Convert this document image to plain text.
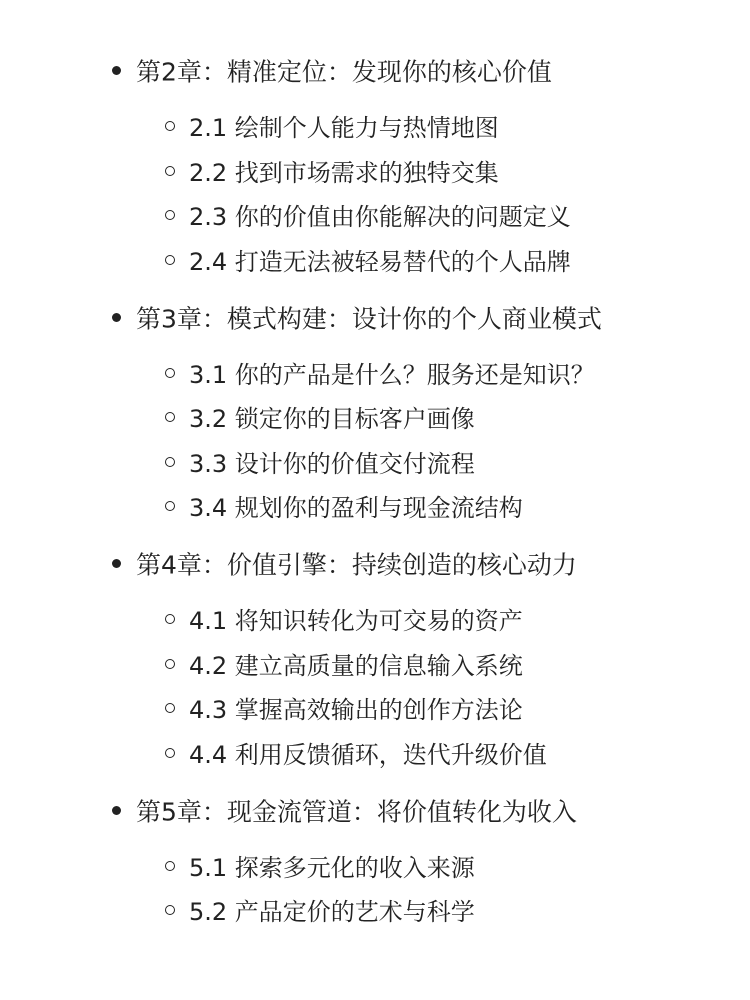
第2章：精准定位：发现你的核心价值
2.1 绘制个人能力与热情地图
2.2 找到市场需求的独特交集
2.3 你的价值由你能解决的问题定义
2.4 打造无法被轻易替代的个人品牌
第3章：模式构建：设计你的个人商业模式
3.1 你的产品是什么？服务还是知识？
3.2 锁定你的目标客户画像
3.3 设计你的价值交付流程
3.4 规划你的盈利与现金流结构
第4章：价值引擎：持续创造的核心动力
4.1 将知识转化为可交易的资产
4.2 建立高质量的信息输入系统
4.3 掌握高效输出的创作方法论
4.4 利用反馈循环，迭代升级价值
第5章：现金流管道：将价值转化为收入
5.1 探索多元化的收入来源
5.2 产品定价的艺术与科学
